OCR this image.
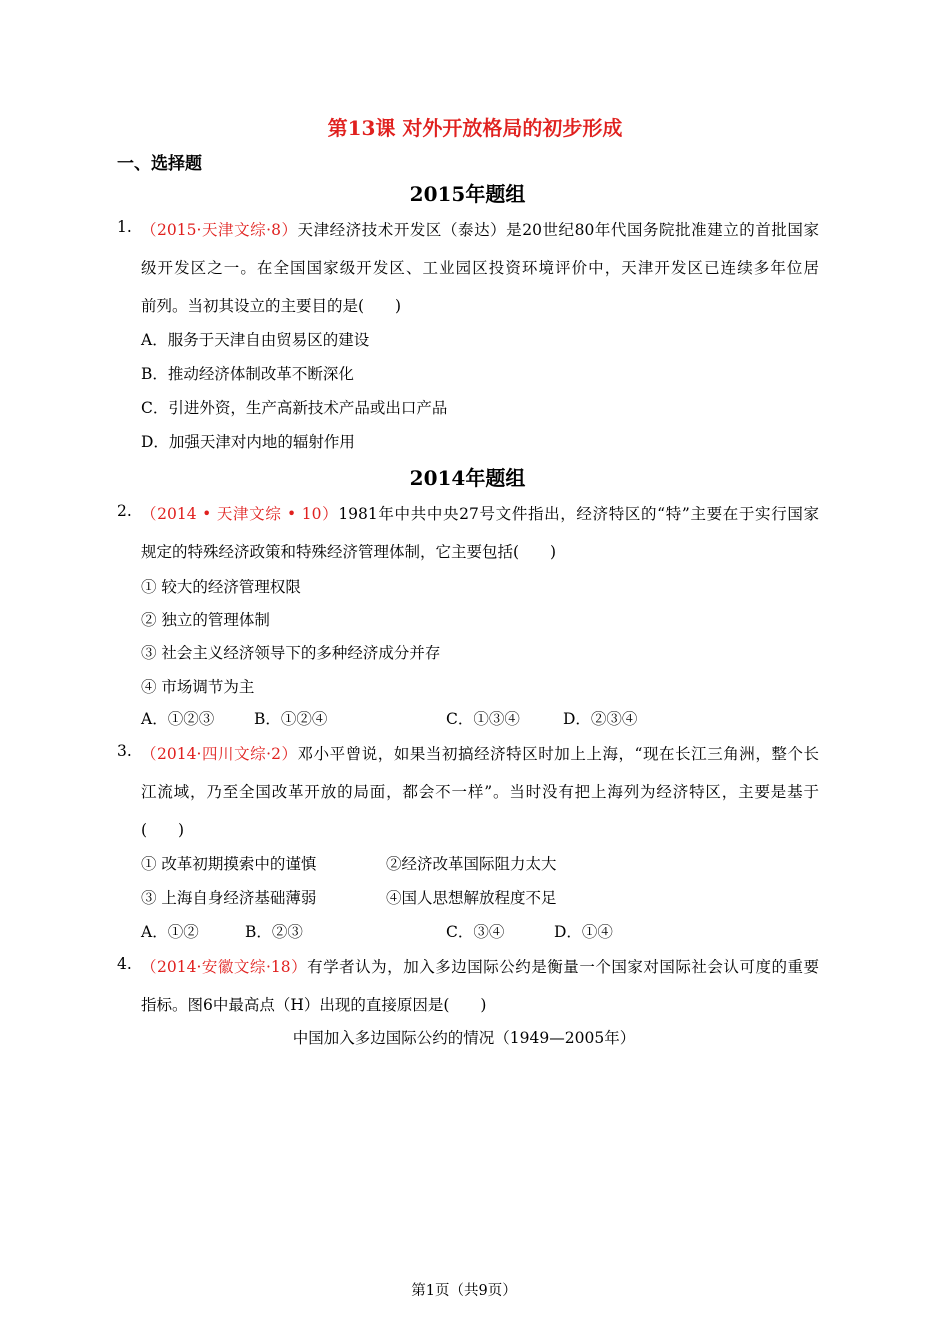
第13课 对外开放格局的初步形成
一、选择题
2015年题组
1. （2015·天津文综·8）天津经济技术开发区（泰达）是20世纪80年代国务院批准建立的首批国家
级开发区之一。在全国国家级开发区、工业园区投资环境评价中，天津开发区已连续多年位居
前列。当初其设立的主要目的是(　　)
A．服务于天津自由贸易区的建设
B．推动经济体制改革不断深化
C．引进外资，生产高新技术产品或出口产品
D．加强天津对内地的辐射作用
2014年题组
2. （2014 • 天津文综 • 10）1981年中共中央27号文件指出，经济特区的“特”主要在于实行国家
规定的特殊经济政策和特殊经济管理体制，它主要包括(　　)
① 较大的经济管理权限
② 独立的管理体制
③ 社会主义经济领导下的多种经济成分并存
④ 市场调节为主
A．①②③	B．①②④	C．①③④	D．②③④
3. （2014·四川文综·2）邓小平曾说，如果当初搞经济特区时加上上海，“现在长江三角洲，整个长
江流域，乃至全国改革开放的局面，都会不一样”。当时没有把上海列为经济特区，主要是基于
(　　)
① 改革初期摸索中的谨慎	②经济改革国际阻力太大
③ 上海自身经济基础薄弱	④国人思想解放程度不足
A．①②	B．②③	C．③④	D．①④
4. （2014·安徽文综·18）有学者认为，加入多边国际公约是衡量一个国家对国际社会认可度的重要
指标。图6中最高点（H）出现的直接原因是(　　)
中国加入多边国际公约的情况（1949—2005年）
第1页（共9页）
